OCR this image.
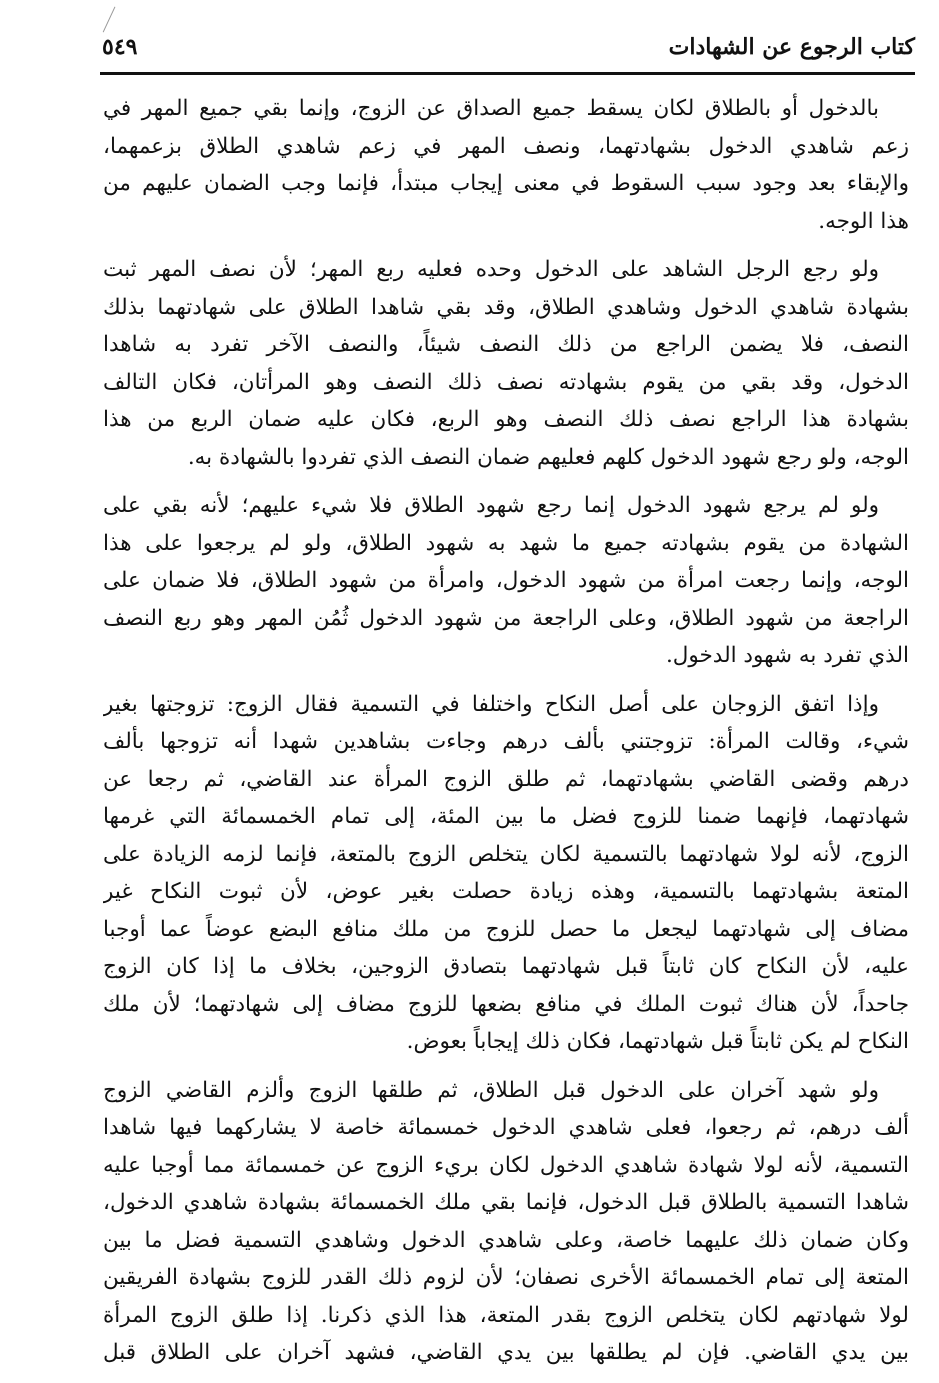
كتاب الرجوع عن الشهادات
٥٤٩
بالدخول أو بالطلاق لكان يسقط جميع الصداق عن الزوج، وإنما بقي جميع المهر في
زعم شاهدي الدخول بشهادتهما، ونصف المهر في زعم شاهدي الطلاق بزعمهما،
والإبقاء بعد وجود سبب السقوط في معنى إيجاب مبتدأ، فإنما وجب الضمان عليهم من
هذا الوجه.
ولو رجع الرجل الشاهد على الدخول وحده فعليه ربع المهر؛ لأن نصف المهر ثبت
بشهادة شاهدي الدخول وشاهدي الطلاق، وقد بقي شاهدا الطلاق على شهادتهما بذلك
النصف، فلا يضمن الراجع من ذلك النصف شيئاً، والنصف الآخر تفرد به شاهدا
الدخول، وقد بقي من يقوم بشهادته نصف ذلك النصف وهو المرأتان، فكان التالف
بشهادة هذا الراجع نصف ذلك النصف وهو الربع، فكان عليه ضمان الربع من هذا
الوجه، ولو رجع شهود الدخول كلهم فعليهم ضمان النصف الذي تفردوا بالشهادة به.
ولو لم يرجع شهود الدخول إنما رجع شهود الطلاق فلا شيء عليهم؛ لأنه بقي على
الشهادة من يقوم بشهادته جميع ما شهد به شهود الطلاق، ولو لم يرجعوا على هذا
الوجه، وإنما رجعت امرأة من شهود الدخول، وامرأة من شهود الطلاق، فلا ضمان على
الراجعة من شهود الطلاق، وعلى الراجعة من شهود الدخول ثُمُن المهر وهو ربع النصف
الذي تفرد به شهود الدخول.
وإذا اتفق الزوجان على أصل النكاح واختلفا في التسمية فقال الزوج: تزوجتها بغير
شيء، وقالت المرأة: تزوجتني بألف درهم وجاءت بشاهدين شهدا أنه تزوجها بألف
درهم وقضى القاضي بشهادتهما، ثم طلق الزوج المرأة عند القاضي، ثم رجعا عن
شهادتهما، فإنهما ضمنا للزوج فضل ما بين المئة، إلى تمام الخمسمائة التي غرمها
الزوج، لأنه لولا شهادتهما بالتسمية لكان يتخلص الزوج بالمتعة، فإنما لزمه الزيادة على
المتعة بشهادتهما بالتسمية، وهذه زيادة حصلت بغير عوض، لأن ثبوت النكاح غير
مضاف إلى شهادتهما ليجعل ما حصل للزوج من ملك منافع البضع عوضاً عما أوجبا
عليه، لأن النكاح كان ثابتاً قبل شهادتهما بتصادق الزوجين، بخلاف ما إذا كان الزوج
جاحداً، لأن هناك ثبوت الملك في منافع بضعها للزوج مضاف إلى شهادتهما؛ لأن ملك
النكاح لم يكن ثابتاً قبل شهادتهما، فكان ذلك إيجاباً بعوض.
ولو شهد آخران على الدخول قبل الطلاق، ثم طلقها الزوج وألزم القاضي الزوج
ألف درهم، ثم رجعوا، فعلى شاهدي الدخول خمسمائة خاصة لا يشاركهما فيها شاهدا
التسمية، لأنه لولا شهادة شاهدي الدخول لكان بريء الزوج عن خمسمائة مما أوجبا عليه
شاهدا التسمية بالطلاق قبل الدخول، فإنما بقي ملك الخمسمائة بشهادة شاهدي الدخول،
وكان ضمان ذلك عليهما خاصة، وعلى شاهدي الدخول وشاهدي التسمية فضل ما بين
المتعة إلى تمام الخمسمائة الأخرى نصفان؛ لأن لزوم ذلك القدر للزوج بشهادة الفريقين
لولا شهادتهم لكان يتخلص الزوج بقدر المتعة، هذا الذي ذكرنا. إذا طلق الزوج المرأة
بين يدي القاضي. فإن لم يطلقها بين يدي القاضي، فشهد آخران على الطلاق قبل
